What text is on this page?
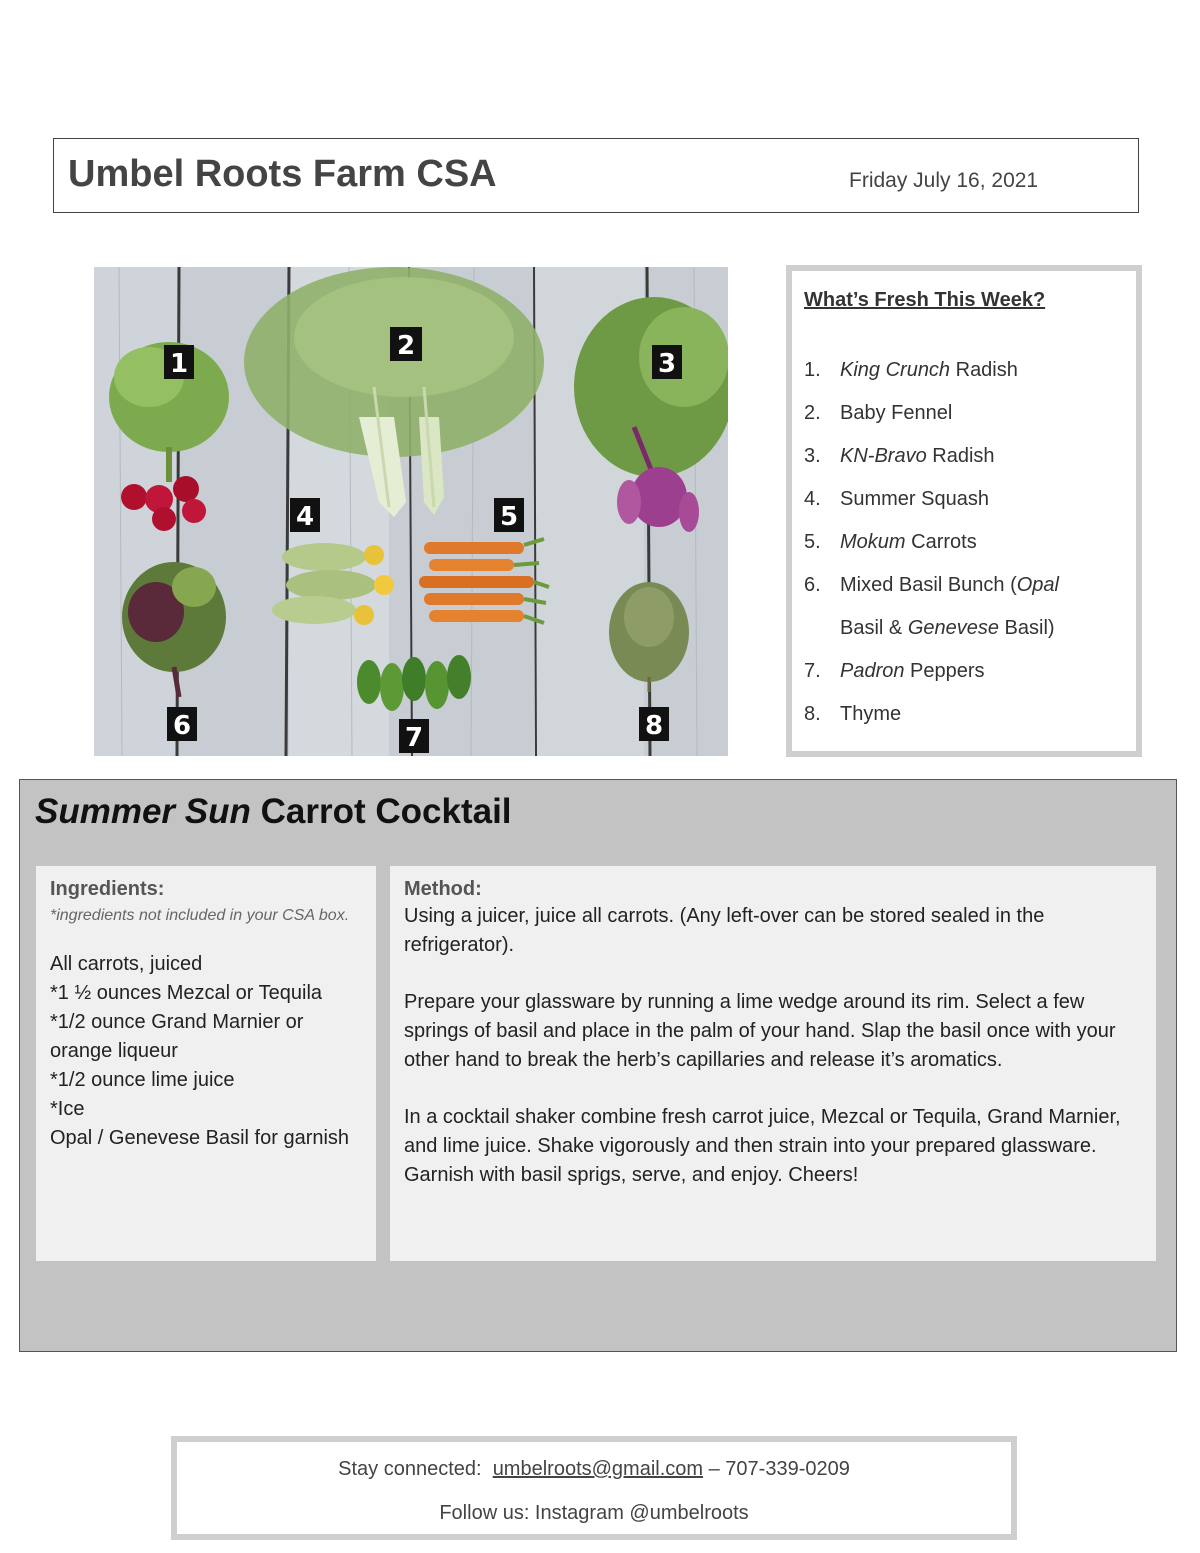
Umbel Roots Farm CSA	Friday July 16, 2021
1
2
3
4	5
6	7	8
What’s Fresh This Week?
1. King Crunch Radish
2. Baby Fennel
3. KN-Bravo Radish
4. Summer Squash
5. Mokum Carrots
6. Mixed Basil Bunch (Opal
Basil & Genevese Basil)
7. Padron Peppers
8. Thyme
Summer Sun Carrot Cocktail
Ingredients:
*ingredients not included in your CSA box.
All carrots, juiced
*1 ½ ounces Mezcal or Tequila
*1/2 ounce Grand Marnier or orange liqueur
*1/2 ounce lime juice
*Ice
Opal / Genevese Basil for garnish
Method:

Using a juicer, juice all carrots. (Any left-over can be stored sealed in the refrigerator).

Prepare your glassware by running a lime wedge around its rim. Select a few springs of basil and place in the palm of your hand. Slap the basil once with your other hand to break the herb’s capillaries and release it’s aromatics.

In a cocktail shaker combine fresh carrot juice, Mezcal or Tequila, Grand Marnier, and lime juice. Shake vigorously and then strain into your prepared glassware.

Garnish with basil sprigs, serve, and enjoy. Cheers!

Stay connected:  umbelroots@gmail.com – 707-339-0209
Follow us: Instagram @umbelroots
